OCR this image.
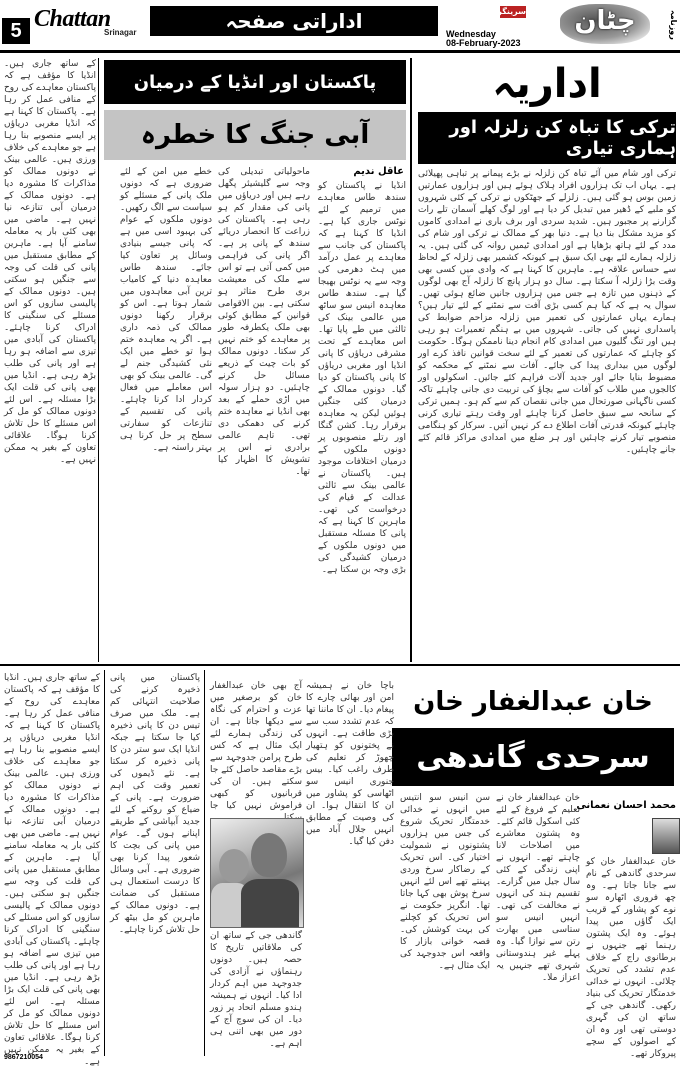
5 Chattan
Srinagar	اداراتی صفحہ
Wednesday
08-February-2023
سرینگر	چٹان	روزنامہ
اداریہ
ترکی کا تباہ کن زلزلہ اور ہماری تیاری
ترکی اور شام میں آئے تباہ کن زلزلہ نے بڑے پیمانے پر تباہی پھیلائی ہے۔ یہاں اب تک ہزاروں افراد ہلاک ہوئے ہیں اور ہزاروں عمارتیں زمین بوس ہو گئی ہیں۔ زلزلے کے جھٹکوں نے ترکی کے کئی شہروں کو ملبے کے ڈھیر میں تبدیل کر دیا ہے اور لوگ کھلے آسمان تلے رات گزارنے پر مجبور ہیں۔ شدید سردی اور برف باری نے امدادی کاموں کو مزید مشکل بنا دیا ہے۔ دنیا بھر کے ممالک نے ترکی اور شام کی مدد کے لئے ہاتھ بڑھایا ہے اور امدادی ٹیمیں روانہ کی گئی ہیں۔ یہ زلزلہ ہمارے لئے بھی ایک سبق ہے کیونکہ کشمیر بھی زلزلہ کے لحاظ سے حساس علاقہ ہے۔ ماہرین کا کہنا ہے کہ وادی میں کسی بھی وقت بڑا زلزلہ آ سکتا ہے۔ سال دو ہزار پانچ کا زلزلہ آج بھی لوگوں کے ذہنوں میں تازہ ہے جس میں ہزاروں جانیں ضائع ہوئی تھیں۔ سوال یہ ہے کہ کیا ہم کسی بڑی آفت سے نمٹنے کے لئے تیار ہیں؟ ہمارے یہاں عمارتوں کی تعمیر میں زلزلہ مزاحم ضوابط کی پاسداری نہیں کی جاتی۔ شہروں میں بے ہنگم تعمیرات ہو رہی ہیں اور تنگ گلیوں میں امدادی کام انجام دینا ناممکن ہوگا۔ حکومت کو چاہئے کہ عمارتوں کی تعمیر کے لئے سخت قوانین نافذ کرے اور لوگوں میں بیداری پیدا کی جائے۔ آفات سے نمٹنے کے محکمہ کو مضبوط بنایا جائے اور جدید آلات فراہم کئے جائیں۔ اسکولوں اور کالجوں میں طلاب کو آفات سے بچاؤ کی تربیت دی جانی چاہئے تاکہ کسی ناگہانی صورتحال میں جانی نقصان کم سے کم ہو۔ ہمیں ترکی کے سانحہ سے سبق حاصل کرنا چاہئے اور وقت رہتے تیاری کرنی چاہئے کیونکہ قدرتی آفات اطلاع دے کر نہیں آتیں۔ سرکار کو ہنگامی منصوبے تیار کرنے چاہئیں اور ہر ضلع میں امدادی مراکز قائم کئے جانے چاہئیں۔
پاکستان اور انڈیا کے درمیان
آبی جنگ کا خطرہ
عاقل ندیم
انڈیا نے پاکستان کو سندھ طاس معاہدے میں ترمیم کے لئے نوٹس جاری کیا ہے۔ انڈیا کا کہنا ہے کہ پاکستان کی جانب سے معاہدے پر عمل درآمد میں ہٹ دھرمی کی وجہ سے یہ نوٹس بھیجا گیا ہے۔ سندھ طاس معاہدہ انیس سو ساٹھ میں عالمی بینک کی ثالثی میں طے پایا تھا۔ اس معاہدے کے تحت مشرقی دریاؤں کا پانی انڈیا اور مغربی دریاؤں کا پانی پاکستان کو دیا گیا۔ دونوں ممالک کے درمیان کئی جنگیں ہوئیں لیکن یہ معاہدہ برقرار رہا۔ کشن گنگا اور رتلے منصوبوں پر دونوں ملکوں کے درمیان اختلافات موجود ہیں۔ پاکستان نے عالمی بینک سے ثالثی عدالت کے قیام کی درخواست کی تھی۔ ماہرین کا کہنا ہے کہ پانی کا مسئلہ مستقبل میں دونوں ملکوں کے درمیان کشیدگی کی بڑی وجہ بن سکتا ہے۔
ماحولیاتی تبدیلی کی وجہ سے گلیشیئر پگھل رہے ہیں اور دریاؤں میں پانی کی مقدار کم ہو رہی ہے۔ پاکستان کی زراعت کا انحصار دریائے سندھ کے پانی پر ہے۔ اگر پانی کی فراہمی میں کمی آتی ہے تو اس سے ملک کی معیشت بری طرح متاثر ہو سکتی ہے۔ بین الاقوامی قوانین کے مطابق کوئی بھی ملک یکطرفہ طور پر معاہدے کو ختم نہیں کر سکتا۔ دونوں ممالک کو بات چیت کے ذریعے مسائل حل کرنے چاہئیں۔ دو ہزار سولہ میں اڑی حملے کے بعد بھی انڈیا نے معاہدہ ختم کرنے کی دھمکی دی تھی۔ تاہم عالمی برادری نے اس پر تشویش کا اظہار کیا تھا۔
خطے میں امن کے لئے ضروری ہے کہ دونوں ملک پانی کے مسئلے کو سیاست سے الگ رکھیں۔ دونوں ملکوں کے عوام کی بہبود اسی میں ہے کہ پانی جیسے بنیادی وسائل پر تعاون کیا جائے۔ سندھ طاس معاہدہ دنیا کے کامیاب ترین آبی معاہدوں میں شمار ہوتا ہے۔ اس کو برقرار رکھنا دونوں ممالک کی ذمہ داری ہے۔ اگر یہ معاہدہ ختم ہوا تو خطے میں ایک نئی کشیدگی جنم لے گی۔ عالمی بینک کو بھی اس معاملے میں فعال کردار ادا کرنا چاہئے۔ پانی کی تقسیم کے تنازعات کو سفارتی سطح پر حل کرنا ہی بہتر راستہ ہے۔
کے ساتھ جاری ہیں۔ انڈیا کا مؤقف ہے کہ پاکستان معاہدے کی روح کے منافی عمل کر رہا ہے۔ پاکستان کا کہنا ہے کہ انڈیا مغربی دریاؤں پر ایسے منصوبے بنا رہا ہے جو معاہدے کی خلاف ورزی ہیں۔ عالمی بینک نے دونوں ممالک کو مذاکرات کا مشورہ دیا ہے۔ دونوں ممالک کے درمیان آبی تنازعہ نیا نہیں ہے۔ ماضی میں بھی کئی بار یہ معاملہ سامنے آیا ہے۔ ماہرین کے مطابق مستقبل میں پانی کی قلت کی وجہ سے جنگیں ہو سکتی ہیں۔ دونوں ممالک کے پالیسی سازوں کو اس مسئلے کی سنگینی کا ادراک کرنا چاہئے۔ پاکستان کی آبادی میں تیزی سے اضافہ ہو رہا ہے اور پانی کی طلب بڑھ رہی ہے۔ انڈیا میں بھی پانی کی قلت ایک بڑا مسئلہ ہے۔ اس لئے دونوں ممالک کو مل کر اس مسئلے کا حل تلاش کرنا ہوگا۔ علاقائی تعاون کے بغیر یہ ممکن نہیں ہے۔
خان عبدالغفار خان
سرحدی گاندھی
محمد احسان نعمانی
خان عبدالغفار خان کو سرحدی گاندھی کے نام سے جانا جاتا ہے۔ وہ چھ فروری اٹھارہ سو نوے کو پشاور کے قریب ایک گاؤں میں پیدا ہوئے۔ وہ ایک پشتون رہنما تھے جنہوں نے برطانوی راج کے خلاف عدم تشدد کی تحریک چلائی۔ انہوں نے خدائی خدمتگار تحریک کی بنیاد رکھی۔ گاندھی جی کے ساتھ ان کی گہری دوستی تھی اور وہ ان کے اصولوں کے سچے پیروکار تھے۔
خان عبدالغفار خان نے تعلیم کے فروغ کے لئے کئی اسکول قائم کئے۔ وہ پشتون معاشرے میں اصلاحات لانا چاہتے تھے۔ انہوں نے اپنی زندگی کے کئی سال جیل میں گزارے۔ تقسیم ہند کی انہوں نے مخالفت کی تھی۔ انہیں انیس سو ستاسی میں بھارت رتن سے نوازا گیا۔ وہ پہلے غیر ہندوستانی شہری تھے جنہیں یہ اعزاز ملا۔
سن انیس سو انتیس میں انہوں نے خدائی خدمتگار تحریک شروع کی جس میں ہزاروں پشتونوں نے شمولیت اختیار کی۔ اس تحریک کے رضاکار سرخ وردی پہنتے تھے اس لئے انہیں سرخ پوش بھی کہا جاتا تھا۔ انگریز حکومت نے اس تحریک کو کچلنے کی بہت کوشش کی۔ قصہ خوانی بازار کا واقعہ اس جدوجہد کی ایک مثال ہے۔
باچا خان نے ہمیشہ امن اور بھائی چارے کا پیغام دیا۔ ان کا ماننا تھا کہ عدم تشدد سب سے بڑی طاقت ہے۔ انہوں نے پختونوں کو ہتھیار چھوڑ کر تعلیم کی طرف راغب کیا۔ بیس جنوری انیس سو اٹھاسی کو پشاور میں ان کا انتقال ہوا۔ ان کی وصیت کے مطابق انہیں جلال آباد میں دفن کیا گیا۔
آج بھی خان عبدالغفار خان کو برصغیر میں عزت و احترام کی نگاہ سے دیکھا جاتا ہے۔ ان کی زندگی ہمارے لئے ایک مثال ہے کہ کس طرح پرامن جدوجہد سے بڑے مقاصد حاصل کئے جا سکتے ہیں۔ ان کی قربانیوں کو کبھی فراموش نہیں کیا جا
گاندھی جی کے ساتھ ان کی ملاقاتیں تاریخ کا حصہ ہیں۔ دونوں رہنماؤں نے آزادی کی جدوجہد میں اہم کردار ادا کیا۔ انہوں نے ہمیشہ ہندو مسلم اتحاد پر زور دیا۔ ان کی سوچ آج کے دور میں بھی اتنی ہی اہم ہے۔
پاکستان میں پانی ذخیرہ کرنے کی صلاحیت انتہائی کم ہے۔ ملک میں صرف تیس دن کا پانی ذخیرہ کیا جا سکتا ہے جبکہ انڈیا ایک سو ستر دن کا پانی ذخیرہ کر سکتا ہے۔ نئے ڈیموں کی تعمیر وقت کی اہم ضرورت ہے۔ پانی کے ضیاع کو روکنے کے لئے جدید آبپاشی کے طریقے اپنانے ہوں گے۔ عوام میں پانی کی بچت کا شعور پیدا کرنا بھی ضروری ہے۔ آبی وسائل کا درست استعمال ہی مستقبل کی ضمانت ہے۔ دونوں ممالک کے ماہرین کو مل بیٹھ کر حل تلاش کرنا چاہئے۔
کے ساتھ جاری ہیں۔ انڈیا کا مؤقف ہے کہ پاکستان معاہدے کی روح کے منافی عمل کر رہا ہے۔ پاکستان کا کہنا ہے کہ انڈیا مغربی دریاؤں پر ایسے منصوبے بنا رہا ہے جو معاہدے کی خلاف ورزی ہیں۔ عالمی بینک نے دونوں ممالک کو مذاکرات کا مشورہ دیا ہے۔ دونوں ممالک کے درمیان آبی تنازعہ نیا نہیں ہے۔ ماضی میں بھی کئی بار یہ معاملہ سامنے آیا ہے۔ ماہرین کے مطابق مستقبل میں پانی کی قلت کی وجہ سے جنگیں ہو سکتی ہیں۔ دونوں ممالک کے پالیسی سازوں کو اس مسئلے کی سنگینی کا ادراک کرنا چاہئے۔ پاکستان کی آبادی میں تیزی سے اضافہ ہو رہا ہے اور پانی کی طلب بڑھ رہی ہے۔ انڈیا میں بھی پانی کی قلت ایک بڑا مسئلہ ہے۔ اس لئے دونوں ممالک کو مل کر اس مسئلے کا حل تلاش کرنا ہوگا۔ علاقائی تعاون کے بغیر یہ ممکن نہیں ہے۔
9867210054
